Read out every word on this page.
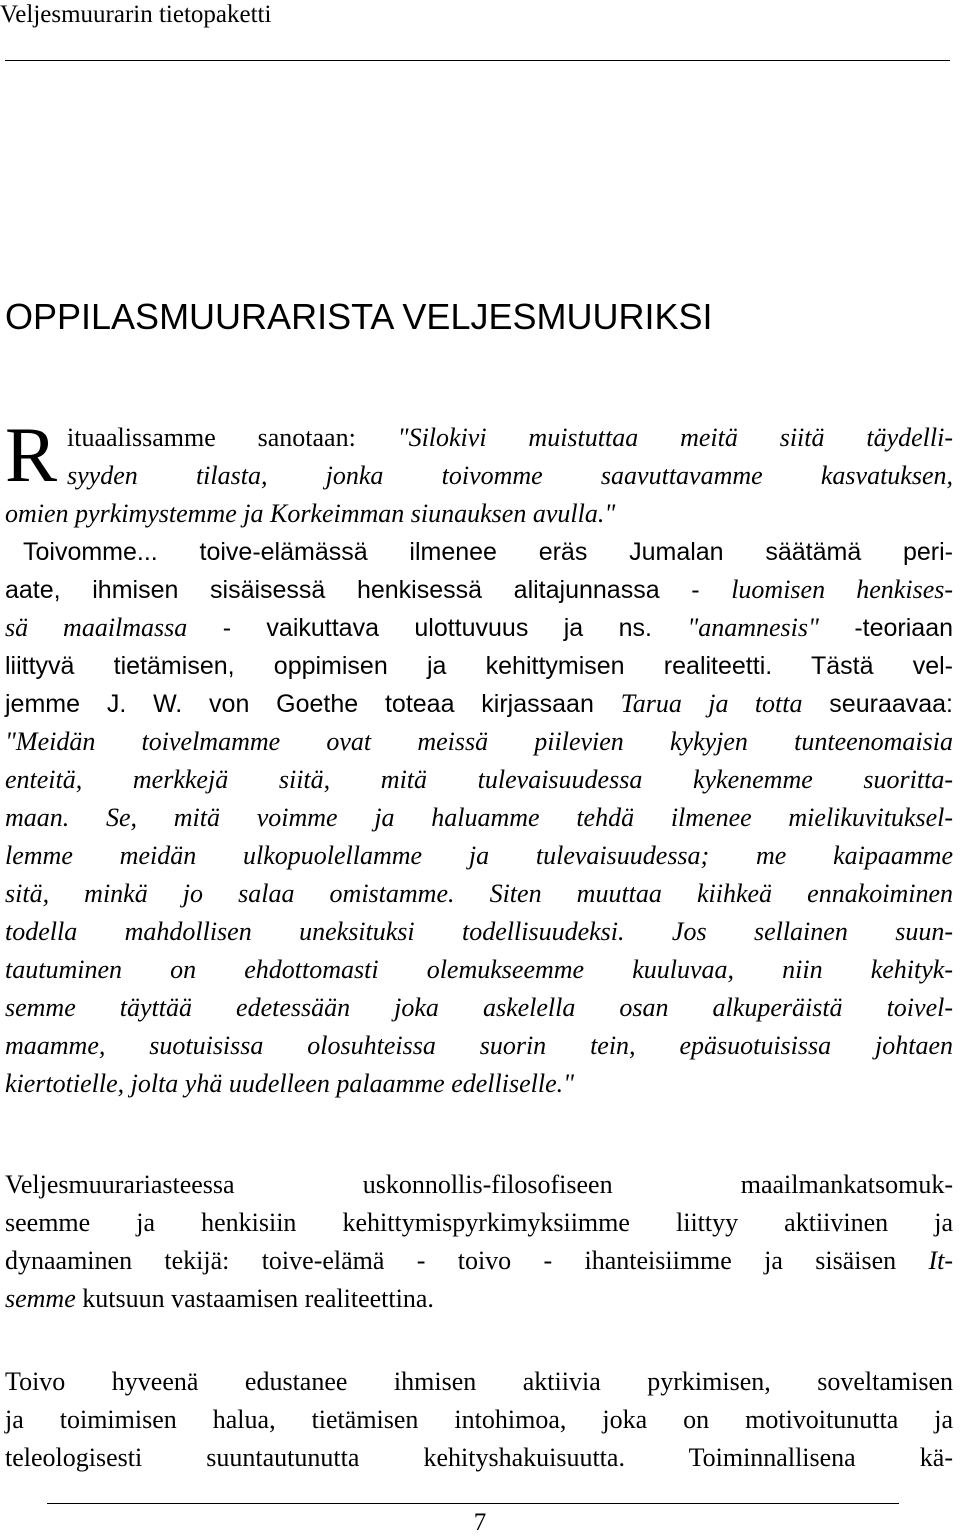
Veljesmuurarin tietopaketti
OPPILASMUURARISTA VELJESMUURIKSI
R ituaalissamme sanotaan: "Silokivi muistuttaa meitä siitä täydelli-
syyden tilasta, jonka toivomme saavuttavamme kasvatuksen,
omien pyrkimystemme ja Korkeimman siunauksen avulla."
Toivomme... toive-elämässä ilmenee eräs Jumalan säätämä peri-
aate, ihmisen sisäisessä henkisessä alitajunnassa - luomisen henkises-
sä maailmassa - vaikuttava ulottuvuus ja ns. "anamnesis" -teoriaan
liittyvä tietämisen, oppimisen ja kehittymisen realiteetti. Tästä vel-
jemme J. W. von Goethe toteaa kirjassaan Tarua ja totta seuraavaa:
"Meidän toivelmamme ovat meissä piilevien kykyjen tunteenomaisia
enteitä, merkkejä siitä, mitä tulevaisuudessa kykenemme suoritta-
maan. Se, mitä voimme ja haluamme tehdä ilmenee mielikuvituksel-
lemme meidän ulkopuolellamme ja tulevaisuudessa; me kaipaamme
sitä, minkä jo salaa omistamme. Siten muuttaa kiihkeä ennakoiminen
todella mahdollisen uneksituksi todellisuudeksi. Jos sellainen suun-
tautuminen on ehdottomasti olemukseemme kuuluvaa, niin kehityk-
semme täyttää edetessään joka askelella osan alkuperäistä toivel-
maamme, suotuisissa olosuhteissa suorin tein, epäsuotuisissa johtaen
kiertotielle, jolta yhä uudelleen palaamme edelliselle."
Veljesmuurariasteessa uskonnollis-filosofiseen maailmankatsomuk-
seemme ja henkisiin kehittymispyrkimyksiimme liittyy aktiivinen ja
dynaaminen tekijä: toive-elämä - toivo - ihanteisiimme ja sisäisen It-
semme kutsuun vastaamisen realiteettina.
Toivo hyveenä edustanee ihmisen aktiivia pyrkimisen, soveltamisen
ja toimimisen halua, tietämisen intohimoa, joka on motivoitunutta ja
teleologisesti suuntautunutta kehityshakuisuutta. Toiminnallisena kä-
7
